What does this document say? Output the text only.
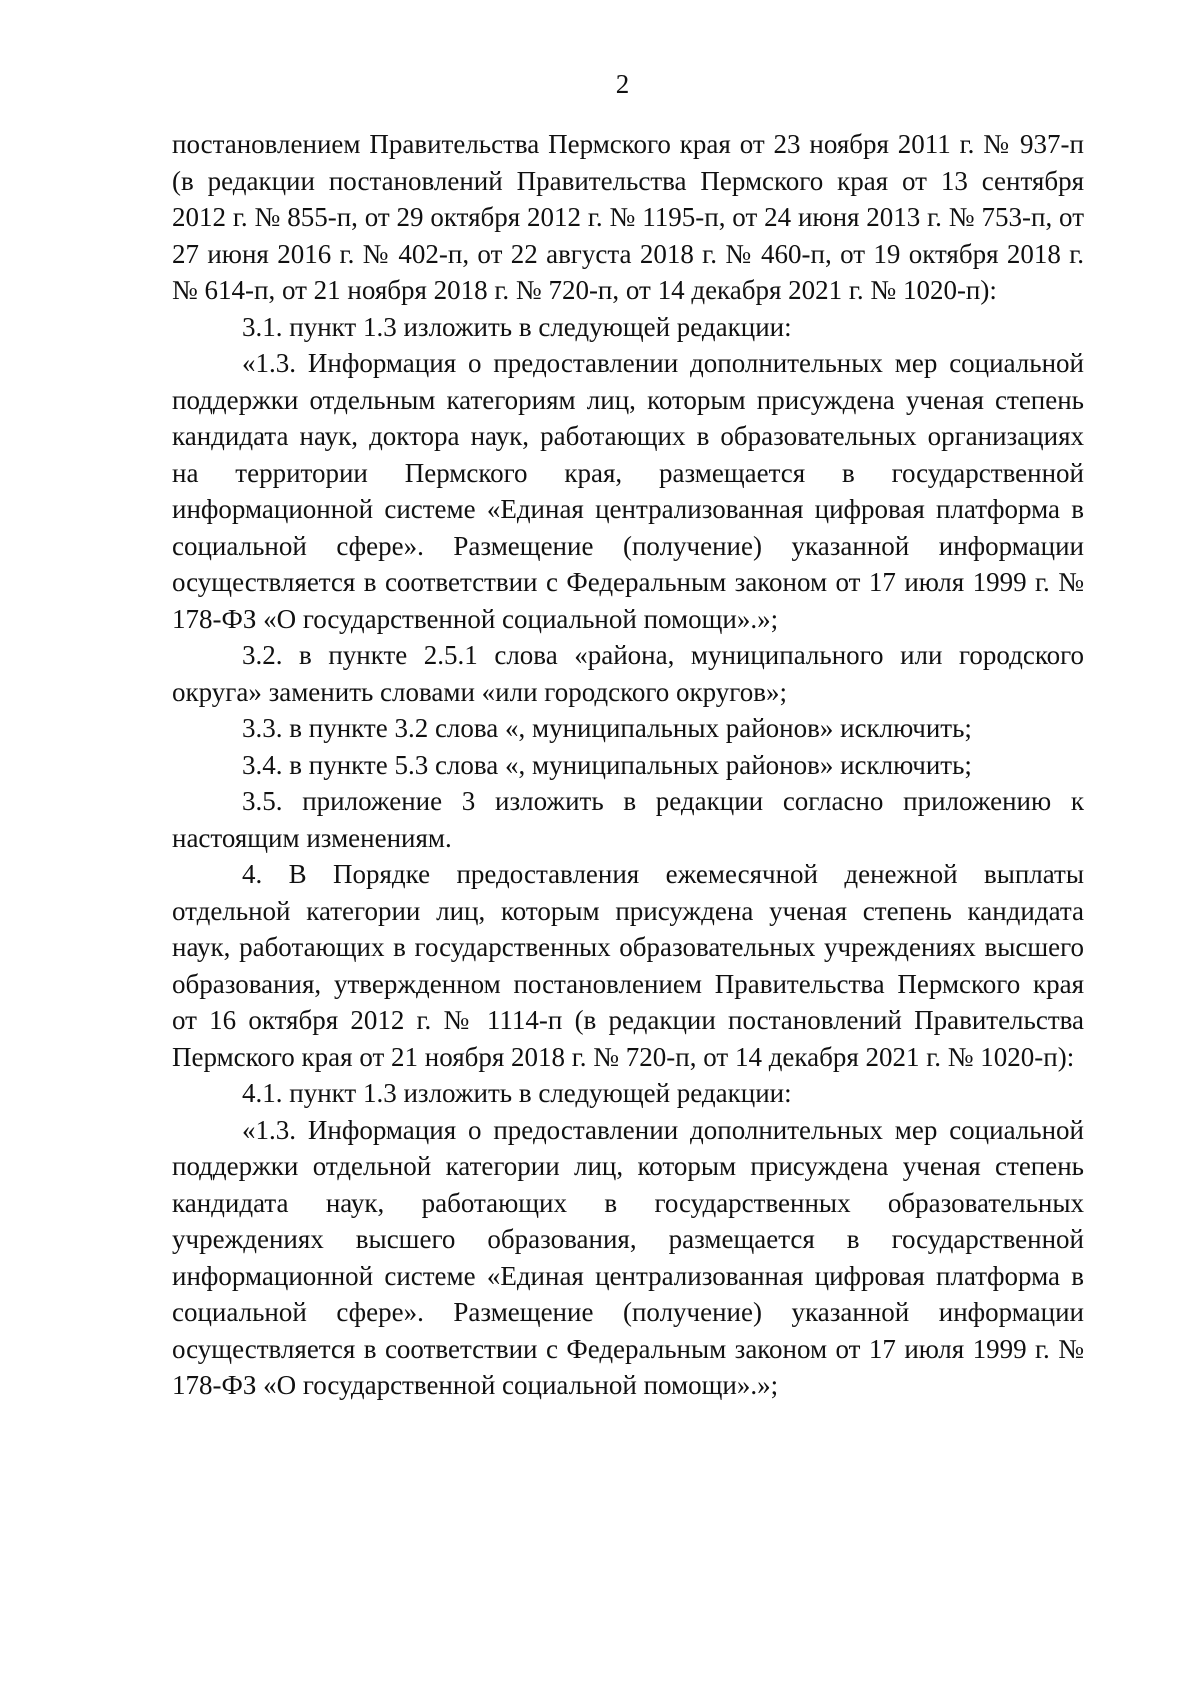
2

постановлением Правительства Пермского края от 23 ноября 2011 г. № 937-п (в редакции постановлений Правительства Пермского края от 13 сентября 2012 г. № 855-п, от 29 октября 2012 г. № 1195-п, от 24 июня 2013 г. № 753-п, от 27 июня 2016 г. № 402-п, от 22 августа 2018 г. № 460-п, от 19 октября 2018 г. № 614-п, от 21 ноября 2018 г. № 720-п, от 14 декабря 2021 г. № 1020-п):

3.1. пункт 1.3 изложить в следующей редакции:

«1.3. Информация о предоставлении дополнительных мер социальной поддержки отдельным категориям лиц, которым присуждена ученая степень кандидата наук, доктора наук, работающих в образовательных организациях на территории Пермского края, размещается в государственной информационной системе «Единая централизованная цифровая платформа в социальной сфере». Размещение (получение) указанной информации осуществляется в соответствии с Федеральным законом от 17 июля 1999 г. № 178-ФЗ «О государственной социальной помощи».»;

3.2. в пункте 2.5.1 слова «района, муниципального или городского округа» заменить словами «или городского округов»;

3.3. в пункте 3.2 слова «, муниципальных районов» исключить;

3.4. в пункте 5.3 слова «, муниципальных районов» исключить;

3.5. приложение 3 изложить в редакции согласно приложению к настоящим изменениям.

4. В Порядке предоставления ежемесячной денежной выплаты отдельной категории лиц, которым присуждена ученая степень кандидата наук, работающих в государственных образовательных учреждениях высшего образования, утвержденном постановлением Правительства Пермского края от 16 октября 2012 г. № 1114-п (в редакции постановлений Правительства Пермского края от 21 ноября 2018 г. № 720-п, от 14 декабря 2021 г. № 1020-п):

4.1. пункт 1.3 изложить в следующей редакции:

«1.3. Информация о предоставлении дополнительных мер социальной поддержки отдельной категории лиц, которым присуждена ученая степень кандидата наук, работающих в государственных образовательных учреждениях высшего образования, размещается в государственной информационной системе «Единая централизованная цифровая платформа в социальной сфере». Размещение (получение) указанной информации осуществляется в соответствии с Федеральным законом от 17 июля 1999 г. № 178-ФЗ «О государственной социальной помощи».»;
